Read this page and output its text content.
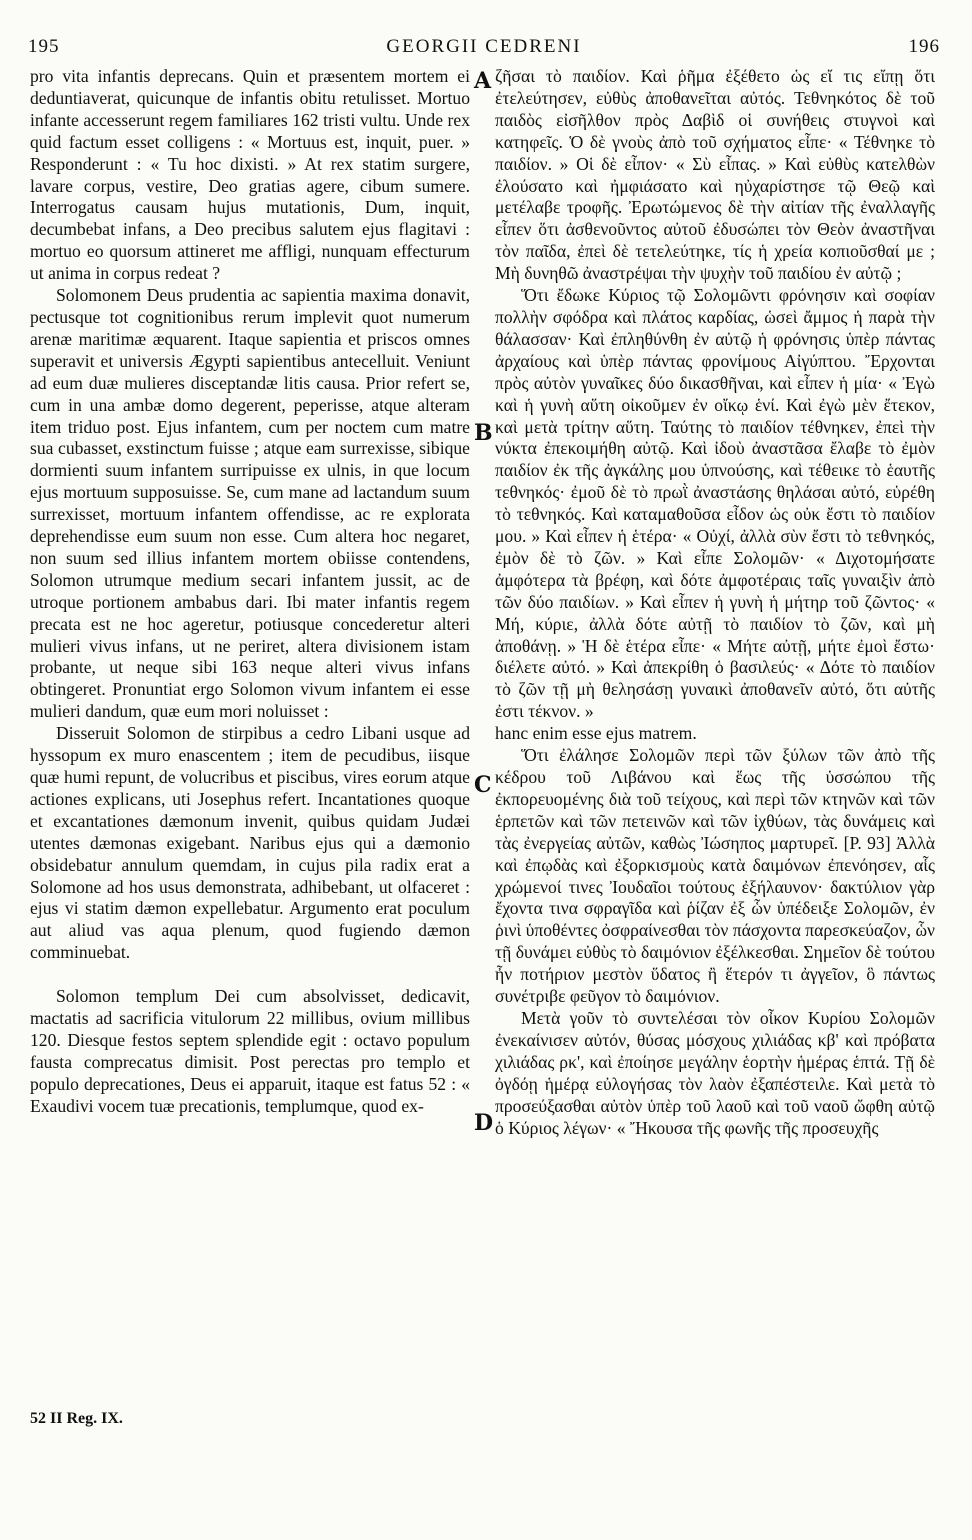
195	GEORGII CEDRENI	196

pro vita infantis deprecans. Quin et præsentem mortem ei deduntiaverat, quicunque de infantis obitu retulisset. Mortuo infante accesserunt regem familiares 162 tristi vultu. Unde rex quid factum esset colligens : « Mortuus est, inquit, puer. » Responderunt : « Tu hoc dixisti. » At rex statim surgere, lavare corpus, vestire, Deo gratias agere, cibum sumere. Interrogatus causam hujus mutationis, Dum, inquit, decumbebat infans, a Deo precibus salutem ejus flagitavi : mortuo eo quorsum attineret me affligi, nunquam effecturum ut anima in corpus redeat ?

Solomonem Deus prudentia ac sapientia maxima donavit, pectusque tot cognitionibus rerum implevit quot numerum arenæ maritimæ æquarent. Itaque sapientia et priscos omnes superavit et universis Ægypti sapientibus antecelluit. Veniunt ad eum duæ mulieres disceptandæ litis causa. Prior refert se, cum in una ambæ domo degerent, peperisse, atque alteram item triduo post. Ejus infantem, cum per noctem cum matre sua cubasset, exstinctum fuisse ; atque eam surrexisse, sibique dormienti suum infantem surripuisse ex ulnis, in que locum ejus mortuum supposuisse. Se, cum mane ad lactandum suum surrexisset, mortuum infantem offendisse, ac re explorata deprehendisse eum suum non esse. Cum altera hoc negaret, non suum sed illius infantem mortem obiisse contendens, Solomon utrumque medium secari infantem jussit, ac de utroque portionem ambabus dari. Ibi mater infantis regem precata est ne hoc ageretur, potiusque concederetur alteri mulieri vivus infans, ut ne periret, altera divisionem istam probante, ut neque sibi 163 neque alteri vivus infans obtingeret. Pronuntiat ergo Solomon vivum infantem ei esse mulieri dandum, quæ eum mori noluisset :

Disseruit Solomon de stirpibus a cedro Libani usque ad hyssopum ex muro enascentem ; item de pecudibus, iisque quæ humi repunt, de volucribus et piscibus, vires eorum atque actiones explicans, uti Josephus refert. Incantationes quoque et excantationes dæmonum invenit, quibus quidam Judæi utentes dæmonas exigebant. Naribus ejus qui a dæmonio obsidebatur annulum quemdam, in cujus pila radix erat a Solomone ad hos usus demonstrata, adhibebant, ut olfaceret : ejus vi statim dæmon expellebatur. Argumento erat poculum aut aliud vas aqua plenum, quod fugiendo dæmon comminuebat.

Solomon templum Dei cum absolvisset, dedicavit, mactatis ad sacrificia vitulorum 22 millibus, ovium millibus 120. Diesque festos septem splendide egit : octavo populum fausta comprecatus dimisit. Post perectas pro templo et populo deprecationes, Deus ei apparuit, itaque est fatus 52 : « Exaudivi vocem tuæ precationis, templumque, quod ex-

A
B
C
D

ζῆσαι τὸ παιδίον. Καὶ ῥῆμα ἐξέθετο ὡς εἴ τις εἴπῃ ὅτι ἐτελεύτησεν, εὐθὺς ἀποθανεῖται αὐτός. Τεθνηκότος δὲ τοῦ παιδὸς εἰσῆλθον πρὸς Δαβὶδ οἱ συνήθεις στυγνοὶ καὶ κατηφεῖς. Ὁ δὲ γνοὺς ἀπὸ τοῦ σχήματος εἶπε· « Τέθνηκε τὸ παιδίον. » Οἱ δὲ εἶπον· « Σὺ εἶπας. » Καὶ εὐθὺς κατελθὼν ἐλούσατο καὶ ἠμφιάσατο καὶ ηὐχαρίστησε τῷ Θεῷ καὶ μετέλαβε τροφῆς. Ἐρωτώμενος δὲ τὴν αἰτίαν τῆς ἐναλλαγῆς εἶπεν ὅτι ἀσθενοῦντος αὐτοῦ ἐδυσώπει τὸν Θεὸν ἀναστῆναι τὸν παῖδα, ἐπεὶ δὲ τετελεύτηκε, τίς ἡ χρεία κοπιοῦσθαί με ; Μὴ δυνηθῶ ἀναστρέψαι τὴν ψυχὴν τοῦ παιδίου ἐν αὐτῷ ;

Ὅτι ἔδωκε Κύριος τῷ Σολομῶντι φρόνησιν καὶ σοφίαν πολλὴν σφόδρα καὶ πλάτος καρδίας, ὡσεὶ ἄμμος ἡ παρὰ τὴν θάλασσαν· Καὶ ἐπληθύνθη ἐν αὐτῷ ἡ φρόνησις ὑπὲρ πάντας ἀρχαίους καὶ ὑπὲρ πάντας φρονίμους Αἰγύπτου. Ἔρχονται πρὸς αὐτὸν γυναῖκες δύο δικασθῆναι, καὶ εἶπεν ἡ μία· « Ἐγὼ καὶ ἡ γυνὴ αὕτη οἰκοῦμεν ἐν οἴκῳ ἑνί. Καὶ ἐγὼ μὲν ἔτεκον, καὶ μετὰ τρίτην αὕτη. Ταύτης τὸ παιδίον τέθνηκεν, ἐπεὶ τὴν νύκτα ἐπεκοιμήθη αὐτῷ. Καὶ ἰδοὺ ἀναστᾶσα ἔλαβε τὸ ἐμὸν παιδίον ἐκ τῆς ἀγκάλης μου ὑπνούσης, καὶ τέθεικε τὸ ἑαυτῆς τεθνηκός· ἐμοῦ δὲ τὸ πρωῒ ἀναστάσης θηλάσαι αὐτό, εὑρέθη τὸ τεθνηκός. Καὶ καταμαθοῦσα εἶδον ὡς οὐκ ἔστι τὸ παιδίον μου. » Καὶ εἶπεν ἡ ἑτέρα· « Οὐχί, ἀλλὰ σὺν ἔστι τὸ τεθνηκός, ἐμὸν δὲ τὸ ζῶν. » Καὶ εἶπε Σολομῶν· « Διχοτομήσατε ἀμφότερα τὰ βρέφη, καὶ δότε ἀμφοτέραις ταῖς γυναιξὶν ἀπὸ τῶν δύο παιδίων. » Καὶ εἶπεν ἡ γυνὴ ἡ μήτηρ τοῦ ζῶντος· « Μή, κύριε, ἀλλὰ δότε αὐτῇ τὸ παιδίον τὸ ζῶν, καὶ μὴ ἀποθάνῃ. » Ἡ δὲ ἑτέρα εἶπε· « Μήτε αὐτῇ, μήτε ἐμοὶ ἔστω· διέλετε αὐτό. » Καὶ ἀπεκρίθη ὁ βασιλεύς· « Δότε τὸ παιδίον τὸ ζῶν τῇ μὴ θελησάσῃ γυναικὶ ἀποθανεῖν αὐτό, ὅτι αὐτῆς ἐστι τέκνον. »

hanc enim esse ejus matrem.

Ὅτι ἐλάλησε Σολομῶν περὶ τῶν ξύλων τῶν ἀπὸ τῆς κέδρου τοῦ Λιβάνου καὶ ἕως τῆς ὑσσώπου τῆς ἐκπορευομένης διὰ τοῦ τείχους, καὶ περὶ τῶν κτηνῶν καὶ τῶν ἑρπετῶν καὶ τῶν πετεινῶν καὶ τῶν ἰχθύων, τὰς δυνάμεις καὶ τὰς ἐνεργείας αὐτῶν, καθὼς Ἰώσηπος μαρτυρεῖ. [P. 93] Ἀλλὰ καὶ ἐπῳδὰς καὶ ἐξορκισμοὺς κατὰ δαιμόνων ἐπενόησεν, αἷς χρώμενοί τινες Ἰουδαῖοι τούτους ἐξήλαυνον· δακτύλιον γὰρ ἔχοντα τινα σφραγῖδα καὶ ῥίζαν ἐξ ὧν ὑπέδειξε Σολομῶν, ἐν ῥινὶ ὑποθέντες ὀσφραίνεσθαι τὸν πάσχοντα παρεσκεύαζον, ὧν τῇ δυνάμει εὐθὺς τὸ δαιμόνιον ἐξέλκεσθαι. Σημεῖον δὲ τούτου ἦν ποτήριον μεστὸν ὕδατος ἢ ἕτερόν τι ἀγγεῖον, ὃ πάντως συνέτριβε φεῦγον τὸ δαιμόνιον.

Μετὰ γοῦν τὸ συντελέσαι τὸν οἶκον Κυρίου Σολομῶν ἐνεκαίνισεν αὐτόν, θύσας μόσχους χιλιάδας κβ' καὶ πρόβατα χιλιάδας ρκ', καὶ ἐποίησε μεγάλην ἑορτὴν ἡμέρας ἑπτά. Τῇ δὲ ὀγδόῃ ἡμέρᾳ εὐλογήσας τὸν λαὸν ἐξαπέστειλε. Καὶ μετὰ τὸ προσεύξασθαι αὐτὸν ὑπὲρ τοῦ λαοῦ καὶ τοῦ ναοῦ ὤφθη αὐτῷ ὁ Κύριος λέγων· « Ἤκουσα τῆς φωνῆς τῆς προσευχῆς

52 II Reg. IX.
